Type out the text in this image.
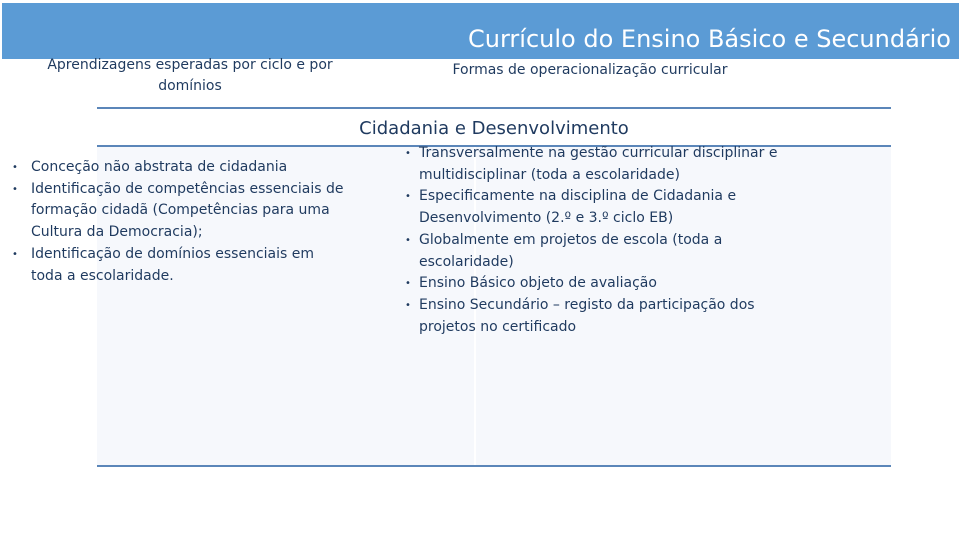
Currículo do Ensino Básico e Secundário
Cidadania e Desenvolvimento
Aprendizagens esperadas por ciclo e por domínios
• Conceção não abstrata de cidadania
• Identificação de competências essenciais de formação cidadã (Competências para uma Cultura da Democracia);
• Identificação de domínios essenciais em toda a escolaridade.
Formas de operacionalização curricular
• Transversalmente na gestão curricular disciplinar e multidisciplinar (toda a escolaridade)
• Especificamente na disciplina de Cidadania e Desenvolvimento (2.º e 3.º ciclo EB)
• Globalmente em projetos de escola (toda a escolaridade)
• Ensino Básico objeto de avaliação
• Ensino Secundário – registo da participação dos projetos no certificado
